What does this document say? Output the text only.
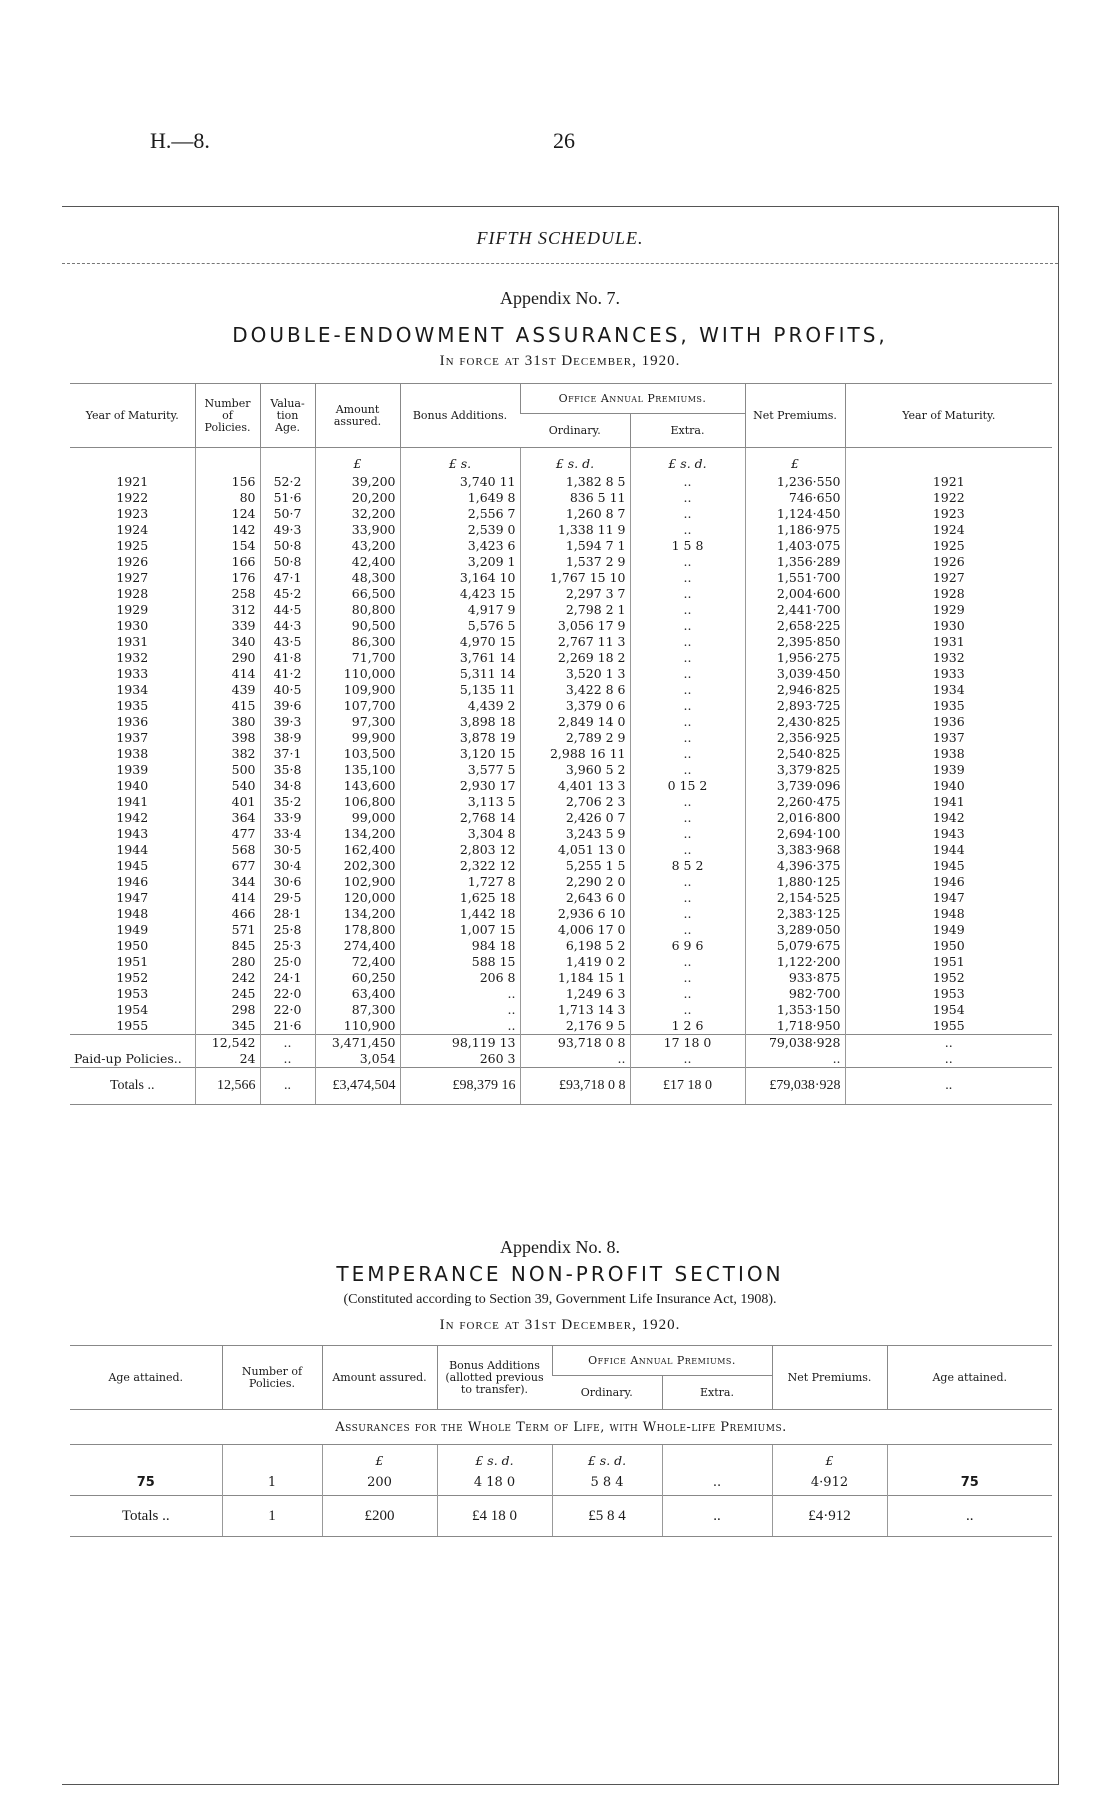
H.—8.	26
FIFTH SCHEDULE.
Appendix No. 7.
DOUBLE-ENDOWMENT ASSURANCES, WITH PROFITS,
In force at 31st December, 1920.
Year of Maturity.	Number of Policies.	Valua- tion Age.	Amount assured.	Bonus Additions.	Office Annual Premiums.		Net Premiums.	Year of Maturity.
					Ordinary.	Extra.		
			£	£ s.	£ s. d.	£ s. d.	£	
1921	156	52·2	39,200	3,740 11	1,382 8 5	..	1,236·550	1921
1922	80	51·6	20,200	1,649 8	836 5 11	..	746·650	1922
1923	124	50·7	32,200	2,556 7	1,260 8 7	..	1,124·450	1923
1924	142	49·3	33,900	2,539 0	1,338 11 9	..	1,186·975	1924
1925	154	50·8	43,200	3,423 6	1,594 7 1	1 5 8	1,403·075	1925
1926	166	50·8	42,400	3,209 1	1,537 2 9	..	1,356·289	1926
1927	176	47·1	48,300	3,164 10	1,767 15 10	..	1,551·700	1927
1928	258	45·2	66,500	4,423 15	2,297 3 7	..	2,004·600	1928
1929	312	44·5	80,800	4,917 9	2,798 2 1	..	2,441·700	1929
1930	339	44·3	90,500	5,576 5	3,056 17 9	..	2,658·225	1930
1931	340	43·5	86,300	4,970 15	2,767 11 3	..	2,395·850	1931
1932	290	41·8	71,700	3,761 14	2,269 18 2	..	1,956·275	1932
1933	414	41·2	110,000	5,311 14	3,520 1 3	..	3,039·450	1933
1934	439	40·5	109,900	5,135 11	3,422 8 6	..	2,946·825	1934
1935	415	39·6	107,700	4,439 2	3,379 0 6	..	2,893·725	1935
1936	380	39·3	97,300	3,898 18	2,849 14 0	..	2,430·825	1936
1937	398	38·9	99,900	3,878 19	2,789 2 9	..	2,356·925	1937
1938	382	37·1	103,500	3,120 15	2,988 16 11	..	2,540·825	1938
1939	500	35·8	135,100	3,577 5	3,960 5 2	..	3,379·825	1939
1940	540	34·8	143,600	2,930 17	4,401 13 3	0 15 2	3,739·096	1940
1941	401	35·2	106,800	3,113 5	2,706 2 3	..	2,260·475	1941
1942	364	33·9	99,000	2,768 14	2,426 0 7	..	2,016·800	1942
1943	477	33·4	134,200	3,304 8	3,243 5 9	..	2,694·100	1943
1944	568	30·5	162,400	2,803 12	4,051 13 0	..	3,383·968	1944
1945	677	30·4	202,300	2,322 12	5,255 1 5	8 5 2	4,396·375	1945
1946	344	30·6	102,900	1,727 8	2,290 2 0	..	1,880·125	1946
1947	414	29·5	120,000	1,625 18	2,643 6 0	..	2,154·525	1947
1948	466	28·1	134,200	1,442 18	2,936 6 10	..	2,383·125	1948
1949	571	25·8	178,800	1,007 15	4,006 17 0	..	3,289·050	1949
1950	845	25·3	274,400	984 18	6,198 5 2	6 9 6	5,079·675	1950
1951	280	25·0	72,400	588 15	1,419 0 2	..	1,122·200	1951
1952	242	24·1	60,250	206 8	1,184 15 1	..	933·875	1952
1953	245	22·0	63,400	..	1,249 6 3	..	982·700	1953
1954	298	22·0	87,300	..	1,713 14 3	..	1,353·150	1954
1955	345	21·6	110,900	..	2,176 9 5	1 2 6	1,718·950	1955
	12,542	..	3,471,450	98,119 13	93,718 0 8	17 18 0	79,038·928	..
Paid-up Policies..	24	..	3,054	260 3	..	..	..	..
Totals ..	12,566	..	£3,474,504	£98,379 16	£93,718 0 8	£17 18 0	£79,038·928	..
Appendix No. 8.
TEMPERANCE NON-PROFIT SECTION
(Constituted according to Section 39, Government Life Insurance Act, 1908).
In force at 31st December, 1920.
Age attained.	Number of Policies.	Amount assured.	Bonus Additions (allotted previous to transfer).	Office Annual Premiums.		Net Premiums.	Age attained.
				Ordinary.	Extra.		
Assurances for the Whole Term of Life, with Whole-life Premiums.							
		£	£ s. d.	£ s. d.		£	
75	1	200	4 18 0	5 8 4	..	4·912	75
Totals ..	1	£200	£4 18 0	£5 8 4	..	£4·912	..
